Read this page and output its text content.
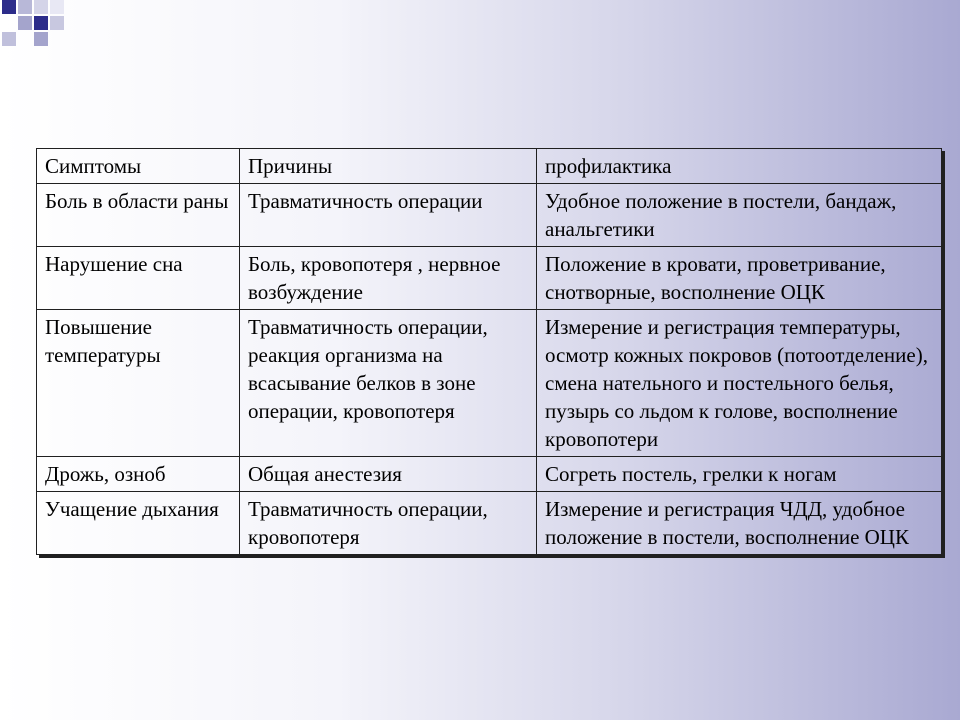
Симптомы	Причины	профилактика
Боль в области раны	Травматичность операции	Удобное положение в постели, бандаж, анальгетики
Нарушение сна	Боль, кровопотеря , нервное возбуждение	Положение в кровати, проветривание, снотворные, восполнение ОЦК
Повышение температуры	Травматичность операции, реакция организма на всасывание белков в зоне операции, кровопотеря	Измерение и регистрация температуры, осмотр кожных покровов (потоотделение), смена нательного и постельного белья, пузырь со льдом к голове, восполнение кровопотери
Дрожь, озноб	Общая анестезия	Согреть постель, грелки к ногам
Учащение дыхания	Травматичность операции, кровопотеря	Измерение и регистрация ЧДД, удобное положение в постели, восполнение ОЦК
